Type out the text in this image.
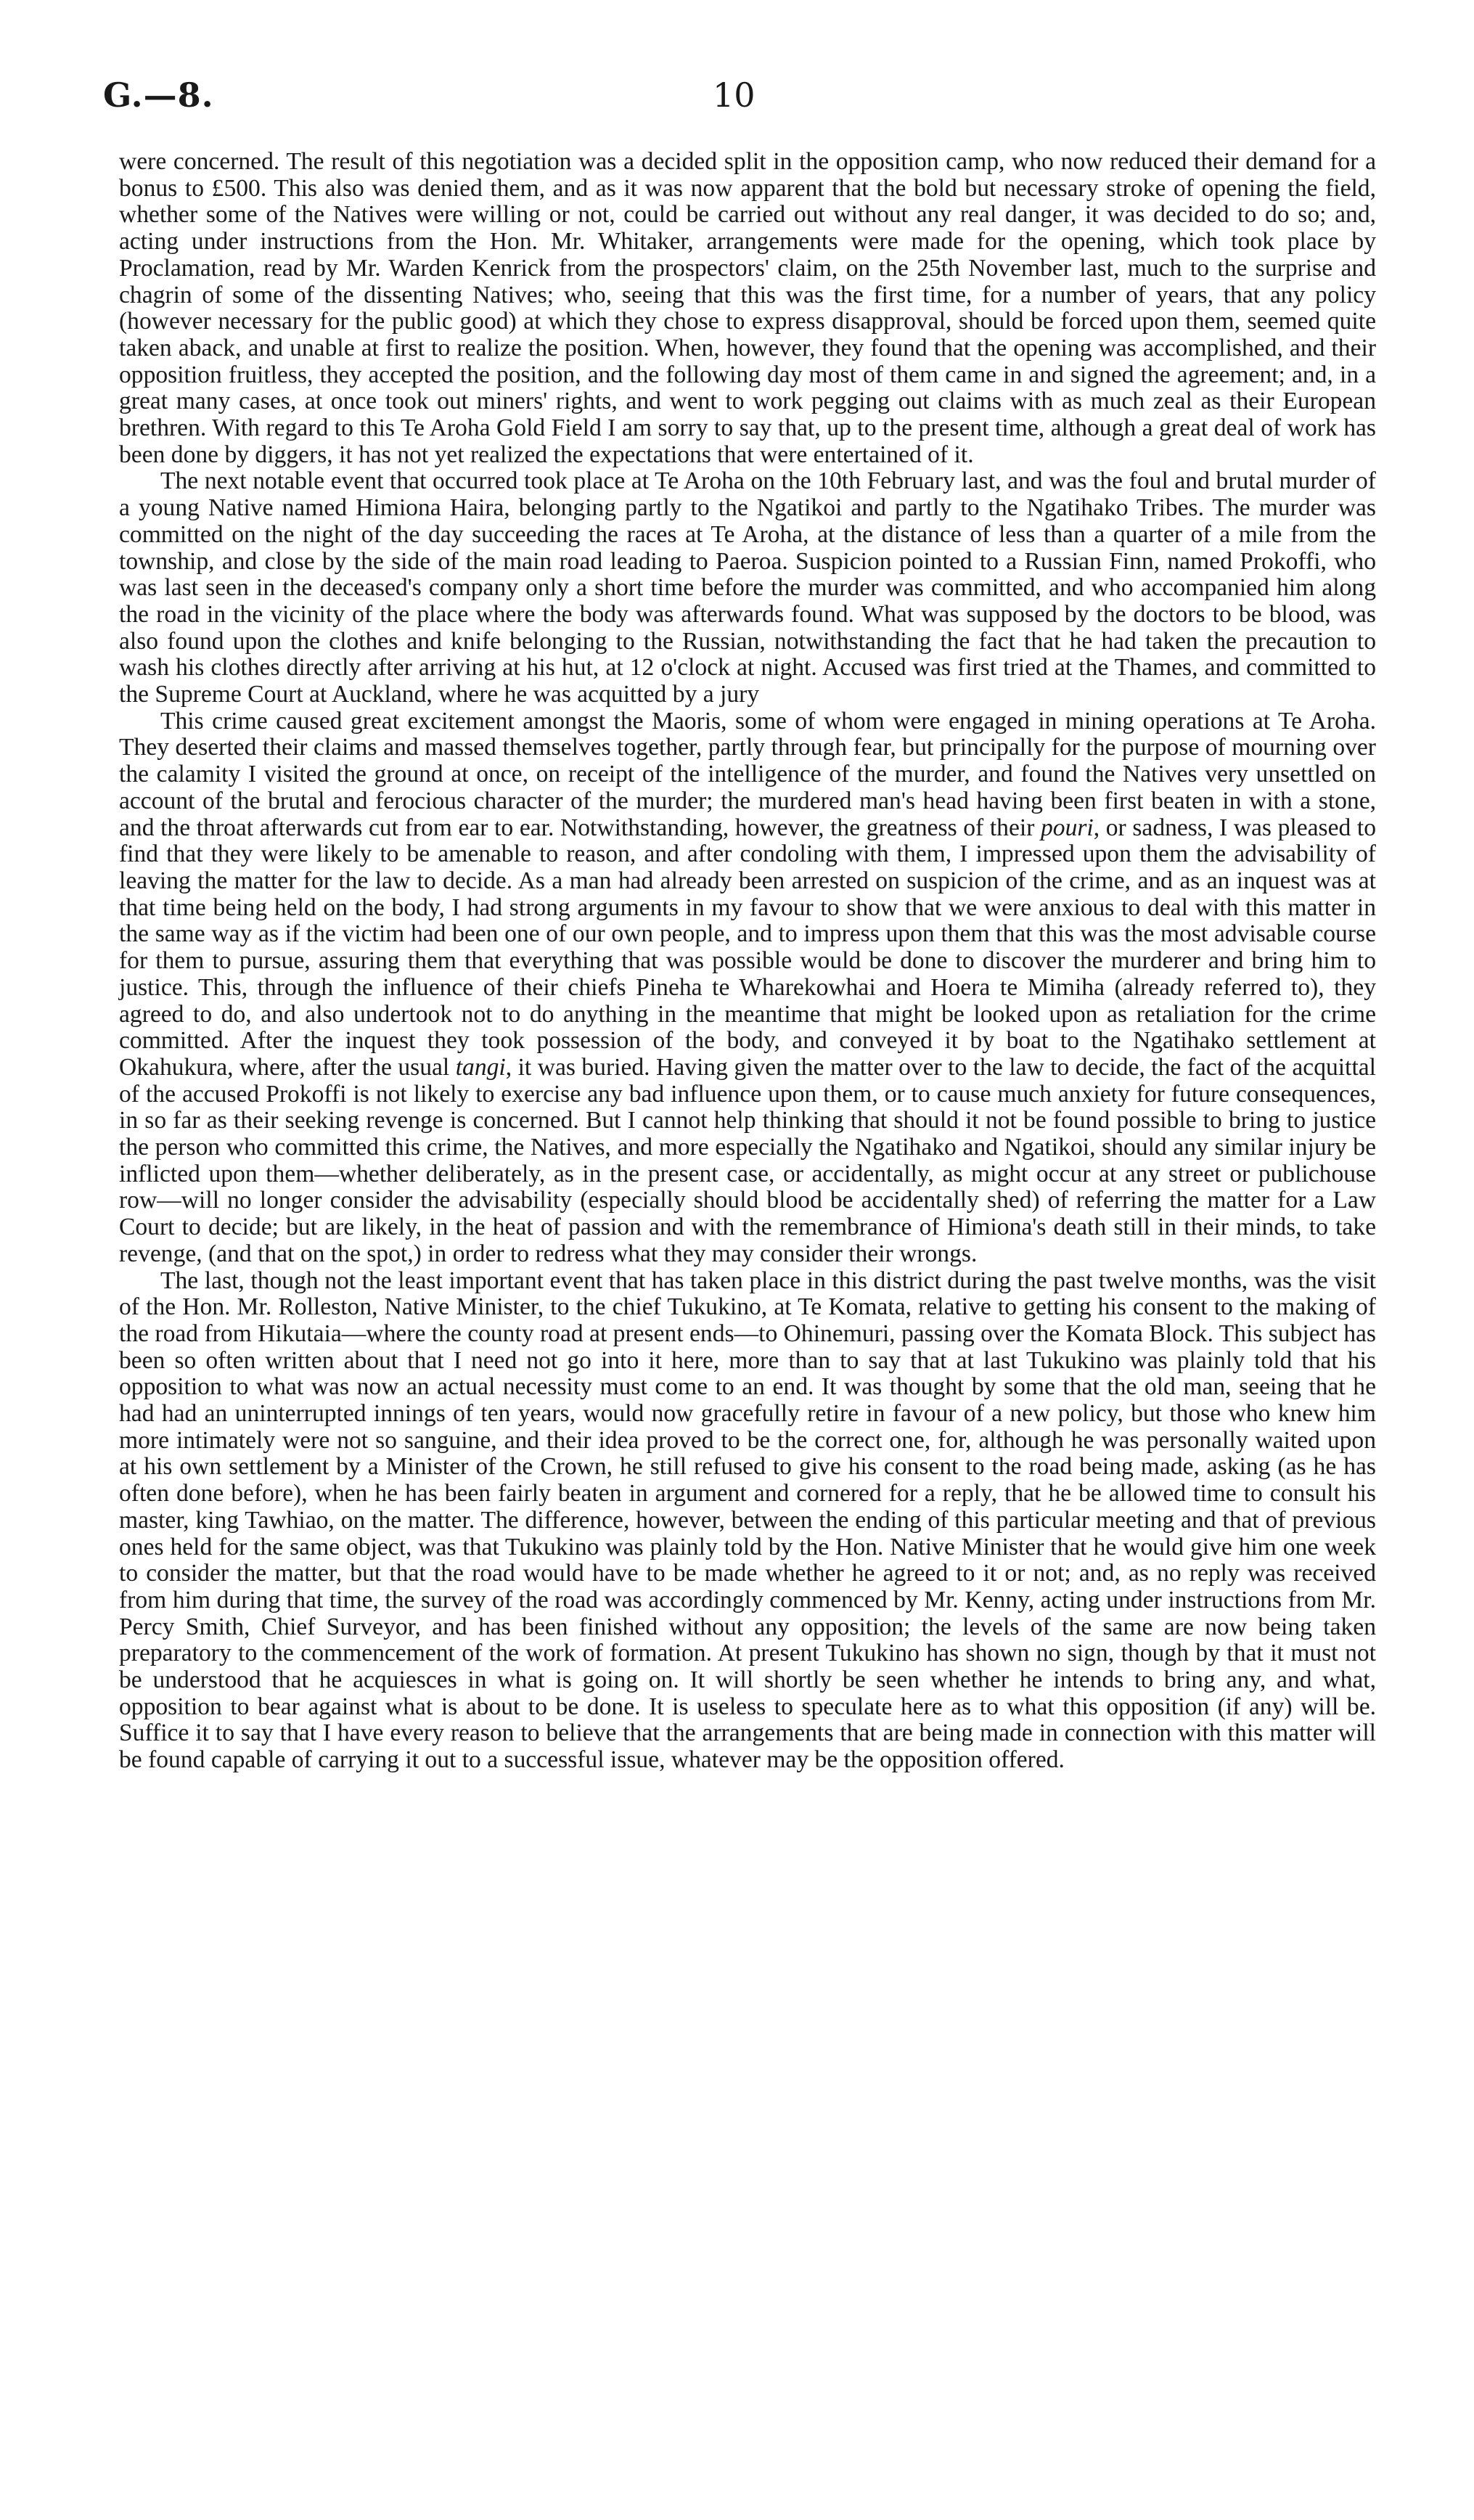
G.—8.	10

were concerned. The result of this negotiation was a decided split in the opposition camp, who now reduced their demand for a bonus to £500. This also was denied them, and as it was now apparent that the bold but necessary stroke of opening the field, whether some of the Natives were willing or not, could be carried out without any real danger, it was decided to do so; and, acting under instructions from the Hon. Mr. Whitaker, arrangements were made for the opening, which took place by Proclamation, read by Mr. Warden Kenrick from the prospectors' claim, on the 25th November last, much to the surprise and chagrin of some of the dissenting Natives; who, seeing that this was the first time, for a number of years, that any policy (however necessary for the public good) at which they chose to express disapproval, should be forced upon them, seemed quite taken aback, and unable at first to realize the position. When, however, they found that the opening was accomplished, and their opposition fruitless, they accepted the position, and the following day most of them came in and signed the agreement; and, in a great many cases, at once took out miners' rights, and went to work pegging out claims with as much zeal as their European brethren. With regard to this Te Aroha Gold Field I am sorry to say that, up to the present time, although a great deal of work has been done by diggers, it has not yet realized the expectations that were entertained of it.

The next notable event that occurred took place at Te Aroha on the 10th February last, and was the foul and brutal murder of a young Native named Himiona Haira, belonging partly to the Ngatikoi and partly to the Ngatihako Tribes. The murder was committed on the night of the day succeeding the races at Te Aroha, at the distance of less than a quarter of a mile from the township, and close by the side of the main road leading to Paeroa. Suspicion pointed to a Russian Finn, named Prokoffi, who was last seen in the deceased's company only a short time before the murder was committed, and who accompanied him along the road in the vicinity of the place where the body was afterwards found. What was supposed by the doctors to be blood, was also found upon the clothes and knife belonging to the Russian, notwithstanding the fact that he had taken the precaution to wash his clothes directly after arriving at his hut, at 12 o'clock at night. Accused was first tried at the Thames, and committed to the Supreme Court at Auckland, where he was acquitted by a jury

This crime caused great excitement amongst the Maoris, some of whom were engaged in mining operations at Te Aroha. They deserted their claims and massed themselves together, partly through fear, but principally for the purpose of mourning over the calamity I visited the ground at once, on receipt of the intelligence of the murder, and found the Natives very unsettled on account of the brutal and ferocious character of the murder; the murdered man's head having been first beaten in with a stone, and the throat afterwards cut from ear to ear. Notwithstanding, however, the greatness of their pouri, or sadness, I was pleased to find that they were likely to be amenable to reason, and after condoling with them, I impressed upon them the advisability of leaving the matter for the law to decide. As a man had already been arrested on suspicion of the crime, and as an inquest was at that time being held on the body, I had strong arguments in my favour to show that we were anxious to deal with this matter in the same way as if the victim had been one of our own people, and to impress upon them that this was the most advisable course for them to pursue, assuring them that everything that was possible would be done to discover the murderer and bring him to justice. This, through the influence of their chiefs Pineha te Wharekowhai and Hoera te Mimiha (already referred to), they agreed to do, and also undertook not to do anything in the meantime that might be looked upon as retaliation for the crime committed. After the inquest they took possession of the body, and conveyed it by boat to the Ngatihako settlement at Okahukura, where, after the usual tangi, it was buried. Having given the matter over to the law to decide, the fact of the acquittal of the accused Prokoffi is not likely to exercise any bad influence upon them, or to cause much anxiety for future consequences, in so far as their seeking revenge is concerned. But I cannot help thinking that should it not be found possible to bring to justice the person who committed this crime, the Natives, and more especially the Ngatihako and Ngatikoi, should any similar injury be inflicted upon them—whether deliberately, as in the present case, or accidentally, as might occur at any street or publichouse row—will no longer consider the advisability (especially should blood be accidentally shed) of referring the matter for a Law Court to decide; but are likely, in the heat of passion and with the remembrance of Himiona's death still in their minds, to take revenge, (and that on the spot,) in order to redress what they may consider their wrongs.

The last, though not the least important event that has taken place in this district during the past twelve months, was the visit of the Hon. Mr. Rolleston, Native Minister, to the chief Tukukino, at Te Komata, relative to getting his consent to the making of the road from Hikutaia—where the county road at present ends—to Ohinemuri, passing over the Komata Block. This subject has been so often written about that I need not go into it here, more than to say that at last Tukukino was plainly told that his opposition to what was now an actual necessity must come to an end. It was thought by some that the old man, seeing that he had had an uninterrupted innings of ten years, would now gracefully retire in favour of a new policy, but those who knew him more intimately were not so sanguine, and their idea proved to be the correct one, for, although he was personally waited upon at his own settlement by a Minister of the Crown, he still refused to give his consent to the road being made, asking (as he has often done before), when he has been fairly beaten in argument and cornered for a reply, that he be allowed time to consult his master, king Tawhiao, on the matter. The difference, however, between the ending of this particular meeting and that of previous ones held for the same object, was that Tukukino was plainly told by the Hon. Native Minister that he would give him one week to consider the matter, but that the road would have to be made whether he agreed to it or not; and, as no reply was received from him during that time, the survey of the road was accordingly commenced by Mr. Kenny, acting under instructions from Mr. Percy Smith, Chief Surveyor, and has been finished without any opposition; the levels of the same are now being taken preparatory to the commencement of the work of formation. At present Tukukino has shown no sign, though by that it must not be understood that he acquiesces in what is going on. It will shortly be seen whether he intends to bring any, and what, opposition to bear against what is about to be done. It is useless to speculate here as to what this opposition (if any) will be. Suffice it to say that I have every reason to believe that the arrangements that are being made in connection with this matter will be found capable of carrying it out to a successful issue, whatever may be the opposition offered.
